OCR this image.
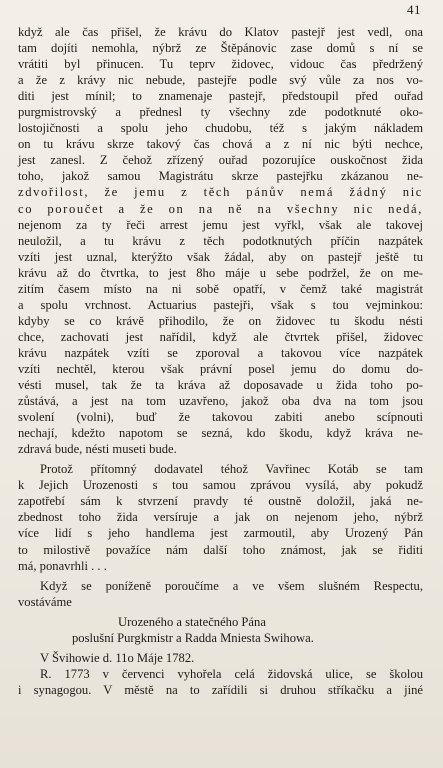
41
když ale čas přišel, že krávu do Klatov pastejř jest vedl, ona
tam dojíti nemohla, nýbrž ze Štěpánovic zase domů s ní se
vrátiti byl přinucen. Tu teprv židovec, vidouc čas předržený
a že z krávy nic nebude, pastejře podle svý vůle za nos vo-
diti jest mínil; to znamenaje pastejř, předstoupil před ouřad
purgmistrovský a přednesl ty všechny zde podotknuté oko-
lostojičnosti a spolu jeho chudobu, též s jakým nákladem
on tu krávu skrze takový čas chová a z ní nic býti nechce,
jest zanesl. Z čehož zřízený ouřad pozorujíce ouskočnost žida
toho, jakož samou Magistrátu skrze pastejřku zkázanou ne-
zdvořilost, že jemu z těch pánův nemá žádný nic
co poroučet a že on na ně na všechny nic nedá,
nejenom za ty řeči arrest jemu jest vyřkl, však ale takovej
neuložil, a tu krávu z těch podotknutých příčin nazpátek
vzíti jest uznal, kterýžto však žádal, aby on pastejř ještě tu
krávu až do čtvrtka, to jest 8ho máje u sebe podržel, že on me-
zitím časem místo na ni sobě opatří, v čemž také magistrát
a spolu vrchnost. Actuarius pastejři, však s tou vejminkou:
kdyby se co krávě přihodilo, že on židovec tu škodu nésti
chce, zachovati jest nařídil, když ale čtvrtek přišel, židovec
krávu nazpátek vzíti se zporoval a takovou více nazpátek
vzíti nechtěl, kterou však právní posel jemu do domu do-
vésti musel, tak že ta kráva až doposavade u žida toho po-
zůstává, a jest na tom uzavřeno, jakož oba dva na tom jsou
svolení (volni), buď že takovou zabiti anebo scípnouti
nechají, kdežto napotom se sezná, kdo škodu, když kráva ne-
zdravá bude, nésti museti bude.
Protož přítomný dodavatel téhož Vavřinec Kotáb se tam
k Jejich Urozenosti s tou samou zprávou vysílá, aby pokudž
zapotřebí sám k stvrzení pravdy té oustně doložil, jaká ne-
zbednost toho žida versíruje a jak on nejenom jeho, nýbrž
více lidí s jeho handlema jest zarmoutil, aby Urozený Pán
to milostivě považíce nám další toho známost, jak se řiditi
má, ponavrhli . . .
Když se poníženě poroučíme a ve všem slušném Respectu,
vostáváme
Urozeného a statečného Pána
poslušní Purgkmistr a Radda Mniesta Swihowa.
V Švihowie d. 11o Máje 1782.
R. 1773 v červenci vyhořela celá židovská ulice, se školou
i synagogou. V městě na to zařídili si druhou stříkačku a jiné
